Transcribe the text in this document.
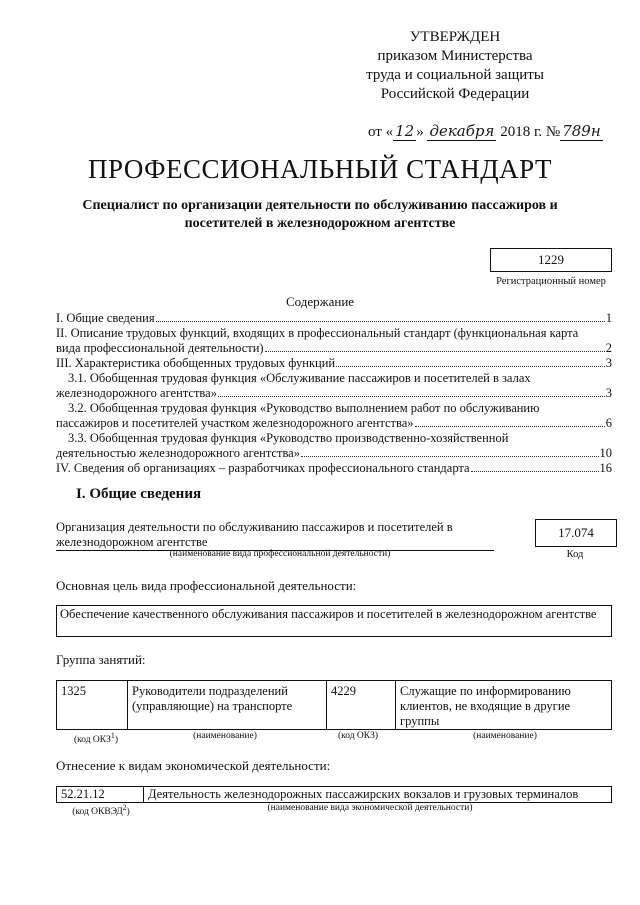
УТВЕРЖДЕН
приказом Министерства
труда и социальной защиты
Российской Федерации
от « 12 » декабря 2018 г. № 789н
ПРОФЕССИОНАЛЬНЫЙ СТАНДАРТ
Специалист по организации деятельности по обслуживанию пассажиров и посетителей в железнодорожном агентстве
1229
Регистрационный номер
Содержание
I. Общие сведения	1
II. Описание трудовых функций, входящих в профессиональный стандарт (функциональная карта
вида профессиональной деятельности)	2
III. Характеристика обобщенных трудовых функций	3
3.1. Обобщенная трудовая функция «Обслуживание пассажиров и посетителей в залах
железнодорожного агентства»	3
3.2. Обобщенная трудовая функция «Руководство выполнением работ по обслуживанию
пассажиров и посетителей участком железнодорожного агентства»	6
3.3. Обобщенная трудовая функция «Руководство производственно-хозяйственной
деятельностью железнодорожного агентства»	10
IV. Сведения об организациях – разработчиках профессионального стандарта	16
I. Общие сведения
Организация деятельности по обслуживанию пассажиров и посетителей в железнодорожном агентстве
17.074
(наименование вида профессиональной деятельности)	Код
Основная цель вида профессиональной деятельности:
Обеспечение качественного обслуживания пассажиров и посетителей в железнодорожном агентстве
Группа занятий:
1325	Руководители подразделений (управляющие) на транспорте	4229	Служащие по информированию клиентов, не входящие в другие группы
(код ОКЗ$^1$)	(наименование)	(код ОКЗ)	(наименование)
Отнесение к видам экономической деятельности:
52.21.12	Деятельность железнодорожных пассажирских вокзалов и грузовых терминалов
(код ОКВЭД$^2$)	(наименование вида экономической деятельности)
